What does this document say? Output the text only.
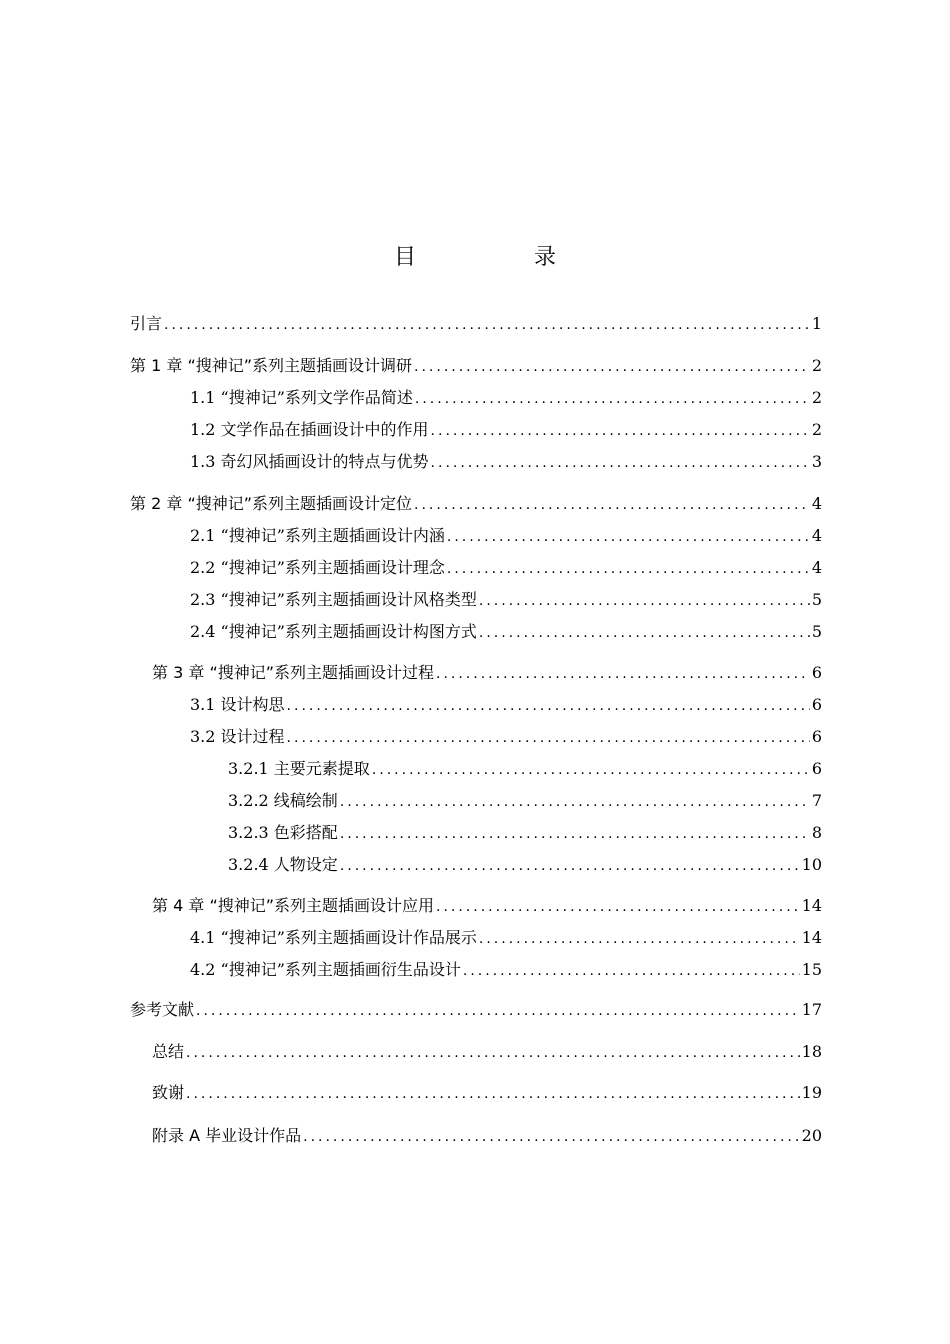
目　录
引言 .....	1
第 1 章 “搜神记”系列主题插画设计调研 .....	2
1.1 “搜神记”系列文学作品简述 .....	2
1.2 文学作品在插画设计中的作用 .....	2
1.3 奇幻风插画设计的特点与优势 .....	3
第 2 章 “搜神记”系列主题插画设计定位 .....	4
2.1 “搜神记”系列主题插画设计内涵 .....	4
2.2 “搜神记”系列主题插画设计理念 .....	4
2.3 “搜神记”系列主题插画设计风格类型 .....	5
2.4 “搜神记”系列主题插画设计构图方式 .....	5
第 3 章 “搜神记”系列主题插画设计过程 .....	6
3.1 设计构思 .....	6
3.2 设计过程 .....	6
3.2.1 主要元素提取 .....	6
3.2.2 线稿绘制 .....	7
3.2.3 色彩搭配 .....	8
3.2.4 人物设定 .....	10
第 4 章 “搜神记”系列主题插画设计应用 .....	14
4.1 “搜神记”系列主题插画设计作品展示 .....	14
4.2 “搜神记”系列主题插画衍生品设计 .....	15
参考文献 .....	17
总结 .....	18
致谢 .....	19
附录 A 毕业设计作品 .....	20
